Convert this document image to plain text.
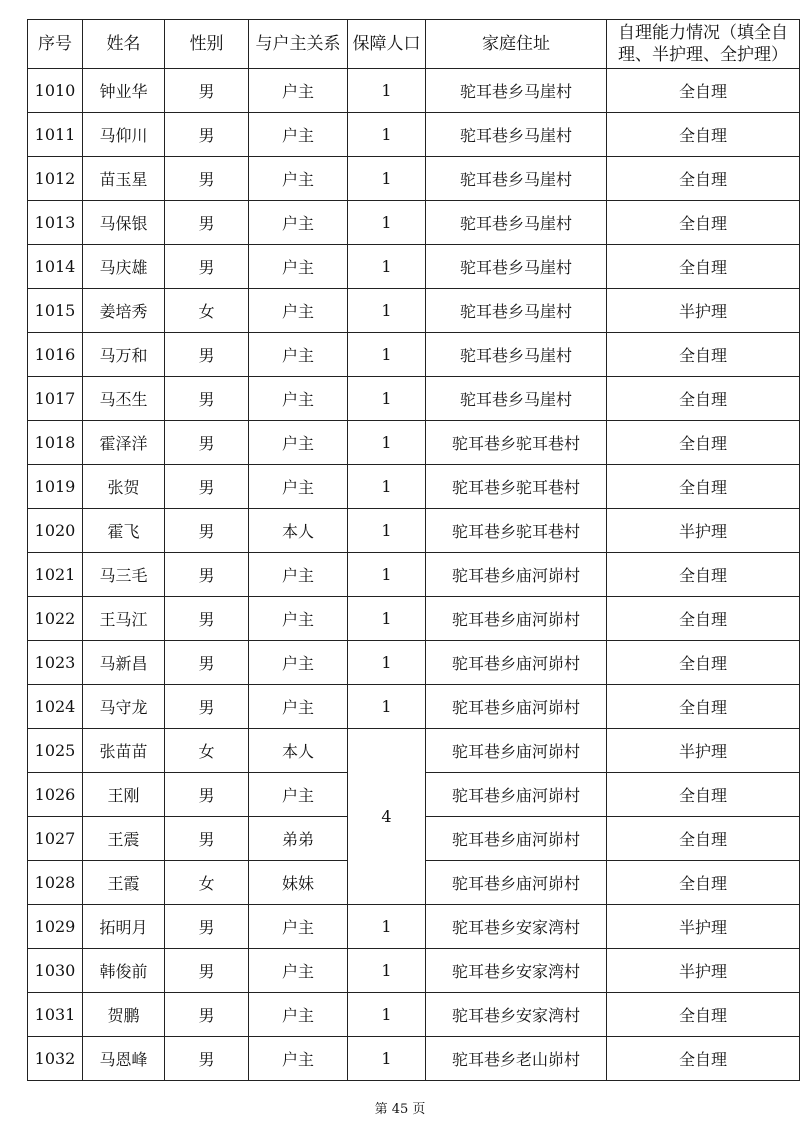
序号	姓名	性别	与户主关系	保障人口	家庭住址	自理能力情况（填全自理、半护理、全护理）
1010	钟业华	男	户主	1	驼耳巷乡马崖村	全自理
1011	马仰川	男	户主	1	驼耳巷乡马崖村	全自理
1012	苗玉星	男	户主	1	驼耳巷乡马崖村	全自理
1013	马保银	男	户主	1	驼耳巷乡马崖村	全自理
1014	马庆雄	男	户主	1	驼耳巷乡马崖村	全自理
1015	姜培秀	女	户主	1	驼耳巷乡马崖村	半护理
1016	马万和	男	户主	1	驼耳巷乡马崖村	全自理
1017	马丕生	男	户主	1	驼耳巷乡马崖村	全自理
1018	霍泽洋	男	户主	1	驼耳巷乡驼耳巷村	全自理
1019	张贺	男	户主	1	驼耳巷乡驼耳巷村	全自理
1020	霍飞	男	本人	1	驼耳巷乡驼耳巷村	半护理
1021	马三毛	男	户主	1	驼耳巷乡庙河峁村	全自理
1022	王马江	男	户主	1	驼耳巷乡庙河峁村	全自理
1023	马新昌	男	户主	1	驼耳巷乡庙河峁村	全自理
1024	马守龙	男	户主	1	驼耳巷乡庙河峁村	全自理
1025	张苗苗	女	本人	4	驼耳巷乡庙河峁村	半护理
1026	王刚	男	户主		驼耳巷乡庙河峁村	全自理
1027	王震	男	弟弟		驼耳巷乡庙河峁村	全自理
1028	王霞	女	妹妹		驼耳巷乡庙河峁村	全自理
1029	拓明月	男	户主	1	驼耳巷乡安家湾村	半护理
1030	韩俊前	男	户主	1	驼耳巷乡安家湾村	半护理
1031	贺鹏	男	户主	1	驼耳巷乡安家湾村	全自理
1032	马恩峰	男	户主	1	驼耳巷乡老山峁村	全自理
第 45 页
